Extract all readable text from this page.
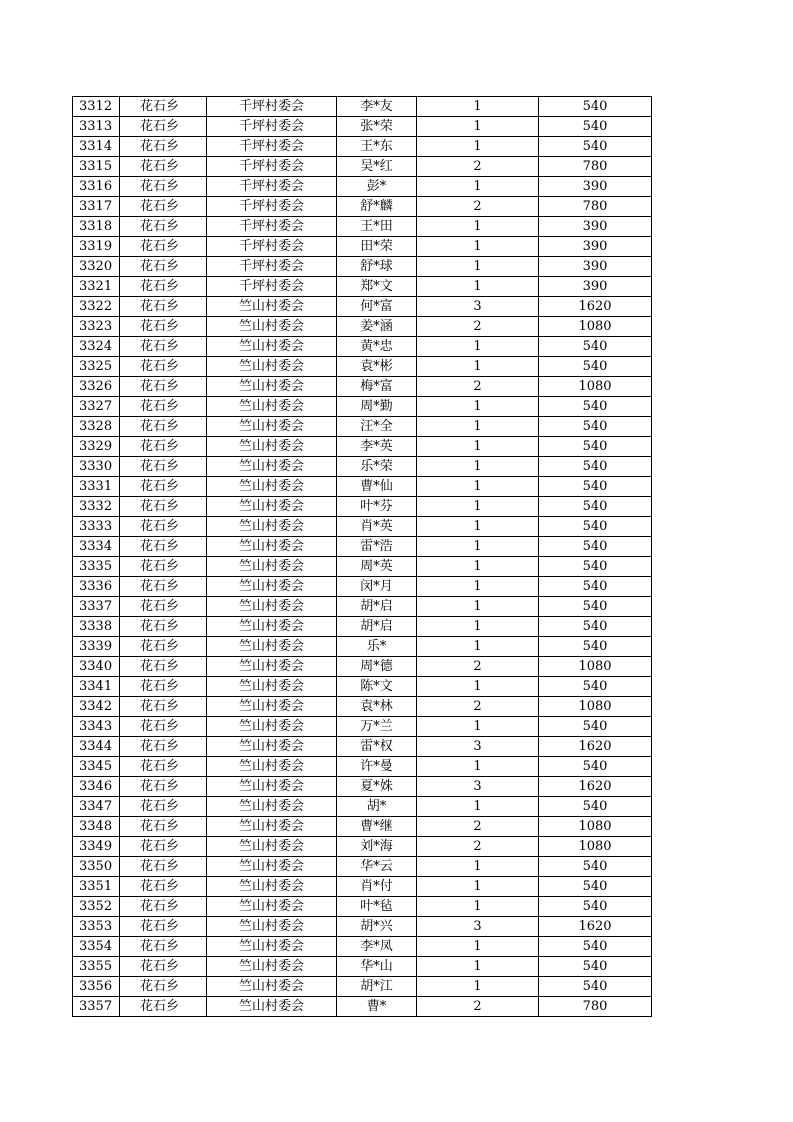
3312	花石乡	千坪村委会	李*友	1	540
3313	花石乡	千坪村委会	张*荣	1	540
3314	花石乡	千坪村委会	王*东	1	540
3315	花石乡	千坪村委会	吴*红	2	780
3316	花石乡	千坪村委会	彭*	1	390
3317	花石乡	千坪村委会	舒*麟	2	780
3318	花石乡	千坪村委会	王*田	1	390
3319	花石乡	千坪村委会	田*荣	1	390
3320	花石乡	千坪村委会	舒*球	1	390
3321	花石乡	千坪村委会	郑*文	1	390
3322	花石乡	竺山村委会	何*富	3	1620
3323	花石乡	竺山村委会	姜*涵	2	1080
3324	花石乡	竺山村委会	黄*忠	1	540
3325	花石乡	竺山村委会	袁*彬	1	540
3326	花石乡	竺山村委会	梅*富	2	1080
3327	花石乡	竺山村委会	周*勤	1	540
3328	花石乡	竺山村委会	汪*全	1	540
3329	花石乡	竺山村委会	李*英	1	540
3330	花石乡	竺山村委会	乐*荣	1	540
3331	花石乡	竺山村委会	曹*仙	1	540
3332	花石乡	竺山村委会	叶*芬	1	540
3333	花石乡	竺山村委会	肖*英	1	540
3334	花石乡	竺山村委会	雷*浩	1	540
3335	花石乡	竺山村委会	周*英	1	540
3336	花石乡	竺山村委会	闵*月	1	540
3337	花石乡	竺山村委会	胡*启	1	540
3338	花石乡	竺山村委会	胡*启	1	540
3339	花石乡	竺山村委会	乐*	1	540
3340	花石乡	竺山村委会	周*德	2	1080
3341	花石乡	竺山村委会	陈*文	1	540
3342	花石乡	竺山村委会	袁*林	2	1080
3343	花石乡	竺山村委会	万*兰	1	540
3344	花石乡	竺山村委会	雷*权	3	1620
3345	花石乡	竺山村委会	许*曼	1	540
3346	花石乡	竺山村委会	夏*姝	3	1620
3347	花石乡	竺山村委会	胡*	1	540
3348	花石乡	竺山村委会	曹*继	2	1080
3349	花石乡	竺山村委会	刘*海	2	1080
3350	花石乡	竺山村委会	华*云	1	540
3351	花石乡	竺山村委会	肖*付	1	540
3352	花石乡	竺山村委会	叶*毡	1	540
3353	花石乡	竺山村委会	胡*兴	3	1620
3354	花石乡	竺山村委会	李*凤	1	540
3355	花石乡	竺山村委会	华*山	1	540
3356	花石乡	竺山村委会	胡*江	1	540
3357	花石乡	竺山村委会	曹*	2	780
